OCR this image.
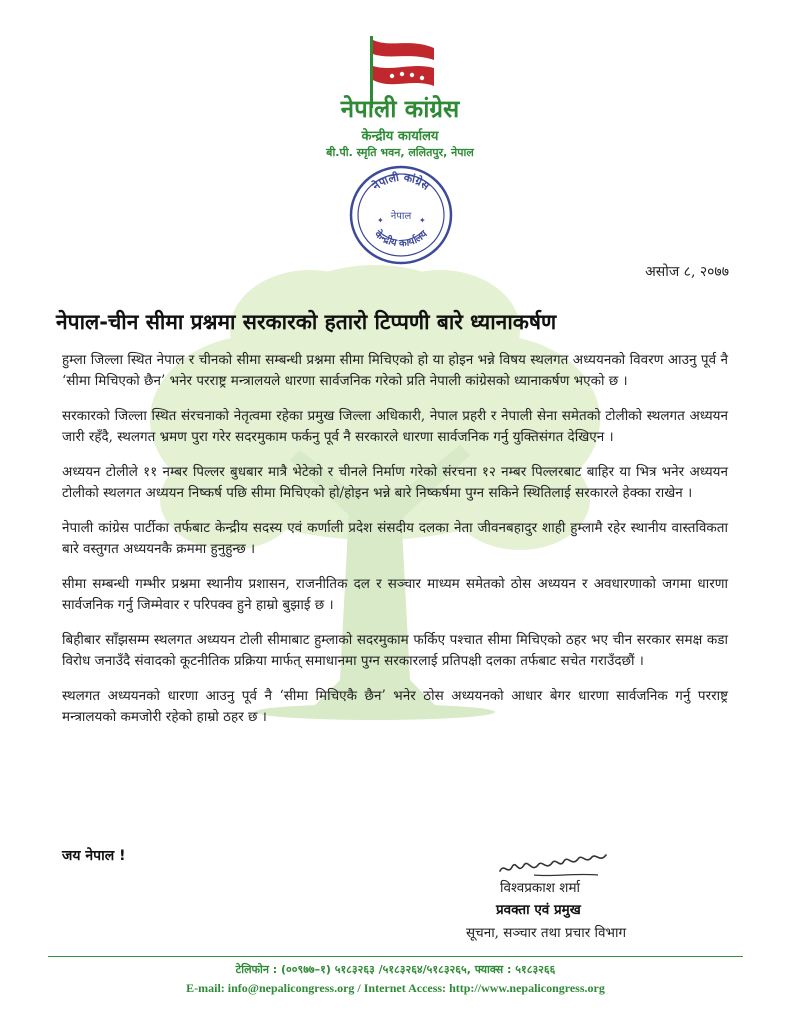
नेपाली कांग्रेस
केन्द्रीय कार्यालय
बी.पी. स्मृति भवन, ललितपुर, नेपाल
नेपाली कांग्रेस
नेपाल
केन्द्रीय कार्यालय
✦	✦
असोज ८, २०७७
नेपाल-चीन सीमा प्रश्नमा सरकारको हतारो टिप्पणी बारे ध्यानाकर्षण

हुम्ला जिल्ला स्थित नेपाल र चीनको सीमा सम्बन्धी प्रश्नमा सीमा मिचिएको हो या होइन भन्ने विषय स्थलगत अध्ययनको विवरण आउनु पूर्व नै ‘सीमा मिचिएको छैन’ भनेर परराष्ट्र मन्त्रालयले धारणा सार्वजनिक गरेको प्रति नेपाली कांग्रेसको ध्यानाकर्षण भएको छ ।

सरकारको जिल्ला स्थित संरचनाको नेतृत्वमा रहेका प्रमुख जिल्ला अधिकारी, नेपाल प्रहरी र नेपाली सेना समेतको टोलीको स्थलगत अध्ययन जारी रहँदै, स्थलगत भ्रमण पुरा गरेर सदरमुकाम फर्कनु पूर्व नै सरकारले धारणा सार्वजनिक गर्नु युक्तिसंगत देखिएन ।

अध्ययन टोलीले ११ नम्बर पिल्लर बुधबार मात्रै भेटेको र चीनले निर्माण गरेको संरचना १२ नम्बर पिल्लरबाट बाहिर या भित्र भनेर अध्ययन टोलीको स्थलगत अध्ययन निष्कर्ष पछि सीमा मिचिएको हो/होइन भन्ने बारे निष्कर्षमा पुग्न सकिने स्थितिलाई सरकारले हेक्का राखेन ।

नेपाली कांग्रेस पार्टीका तर्फबाट केन्द्रीय सदस्य एवं कर्णाली प्रदेश संसदीय दलका नेता जीवनबहादुर शाही हुम्लामै रहेर स्थानीय वास्तविकता बारे वस्तुगत अध्ययनकै क्रममा हुनुहुन्छ ।

सीमा सम्बन्धी गम्भीर प्रश्नमा स्थानीय प्रशासन, राजनीतिक दल र सञ्चार माध्यम समेतको ठोस अध्ययन र अवधारणाको जगमा धारणा सार्वजनिक गर्नु जिम्मेवार र परिपक्व हुने हाम्रो बुझाई छ ।

बिहीबार साँझसम्म स्थलगत अध्ययन टोली सीमाबाट हुम्लाको सदरमुकाम फर्किए पश्चात सीमा मिचिएको ठहर भए चीन सरकार समक्ष कडा विरोध जनाउँदै संवादको कूटनीतिक प्रक्रिया मार्फत् समाधानमा पुग्न सरकारलाई प्रतिपक्षी दलका तर्फबाट सचेत गराउँदछौं ।

स्थलगत अध्ययनको धारणा आउनु पूर्व नै ‘सीमा मिचिएकै छैन’ भनेर ठोस अध्ययनको आधार बेगर धारणा सार्वजनिक गर्नु परराष्ट्र मन्त्रालयको कमजोरी रहेको हाम्रो ठहर छ ।

जय नेपाल !
विश्वप्रकाश शर्मा
प्रवक्ता एवं प्रमुख
सूचना, सञ्चार तथा प्रचार विभाग
टेलिफोन : (००९७७–१) ५१८३२६३ /५१८३२६४/५१८३२६५, फ्याक्स : ५१८३२६६
E-mail: info@nepalicongress.org / Internet Access: http://www.nepalicongress.org
